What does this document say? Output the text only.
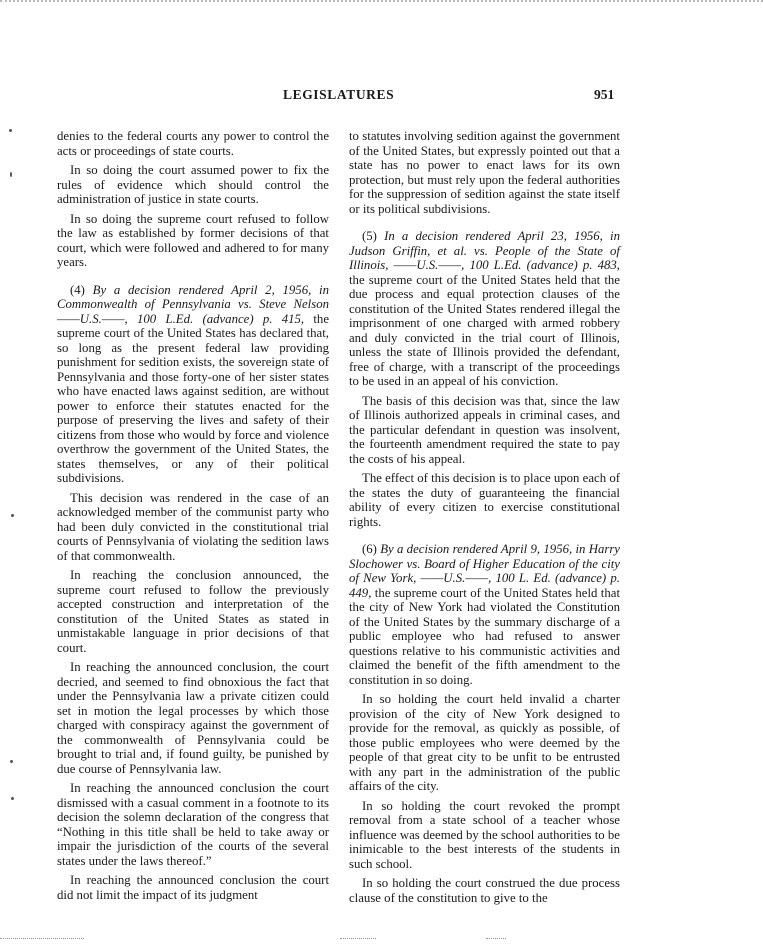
LEGISLATURES	951

denies to the federal courts any power to control the acts or proceedings of state courts.

In so doing the court assumed power to fix the rules of evidence which should control the administration of justice in state courts.

In so doing the supreme court refused to follow the law as established by former decisions of that court, which were followed and adhered to for many years.

(4) By a decision rendered April 2, 1956, in Commonwealth of Pennsylvania vs. Steve Nelson ——U.S.——, 100 L.Ed. (advance) p. 415, the supreme court of the United States has declared that, so long as the present federal law providing punishment for sedition exists, the sovereign state of Pennsylvania and those forty-one of her sister states who have enacted laws against sedition, are without power to enforce their statutes enacted for the purpose of preserving the lives and safety of their citizens from those who would by force and violence overthrow the government of the United States, the states themselves, or any of their political subdivisions.

This decision was rendered in the case of an acknowledged member of the communist party who had been duly convicted in the constitutional trial courts of Pennsylvania of violating the sedition laws of that commonwealth.

In reaching the conclusion announced, the supreme court refused to follow the previously accepted construction and interpretation of the constitution of the United States as stated in unmistakable language in prior decisions of that court.

In reaching the announced conclusion, the court decried, and seemed to find obnoxious the fact that under the Pennsylvania law a private citizen could set in motion the legal processes by which those charged with conspiracy against the government of the commonwealth of Pennsylvania could be brought to trial and, if found guilty, be punished by due course of Pennsylvania law.

In reaching the announced conclusion the court dismissed with a casual comment in a footnote to its decision the solemn declaration of the congress that “Nothing in this title shall be held to take away or impair the jurisdiction of the courts of the several states under the laws thereof.”

In reaching the announced conclusion the court did not limit the impact of its judgment

to statutes involving sedition against the government of the United States, but expressly pointed out that a state has no power to enact laws for its own protection, but must rely upon the federal authorities for the suppression of sedition against the state itself or its political subdivisions.

(5) In a decision rendered April 23, 1956, in Judson Griffin, et al. vs. People of the State of Illinois, ——U.S.——, 100 L.Ed. (advance) p. 483, the supreme court of the United States held that the due process and equal protection clauses of the constitution of the United States rendered illegal the imprisonment of one charged with armed robbery and duly convicted in the trial court of Illinois, unless the state of Illinois provided the defendant, free of charge, with a transcript of the proceedings to be used in an appeal of his conviction.

The basis of this decision was that, since the law of Illinois authorized appeals in criminal cases, and the particular defendant in question was insolvent, the fourteenth amendment required the state to pay the costs of his appeal.

The effect of this decision is to place upon each of the states the duty of guaranteeing the financial ability of every citizen to exercise constitutional rights.

(6) By a decision rendered April 9, 1956, in Harry Slochower vs. Board of Higher Education of the city of New York, ——U.S.——, 100 L. Ed. (advance) p. 449, the supreme court of the United States held that the city of New York had violated the Constitution of the United States by the summary discharge of a public employee who had refused to answer questions relative to his communistic activities and claimed the benefit of the fifth amendment to the constitution in so doing.

In so holding the court held invalid a charter provision of the city of New York designed to provide for the removal, as quickly as possible, of those public employees who were deemed by the people of that great city to be unfit to be entrusted with any part in the administration of the public affairs of the city.

In so holding the court revoked the prompt removal from a state school of a teacher whose influence was deemed by the school authorities to be inimicable to the best interests of the students in such school.

In so holding the court construed the due process clause of the constitution to give to the
